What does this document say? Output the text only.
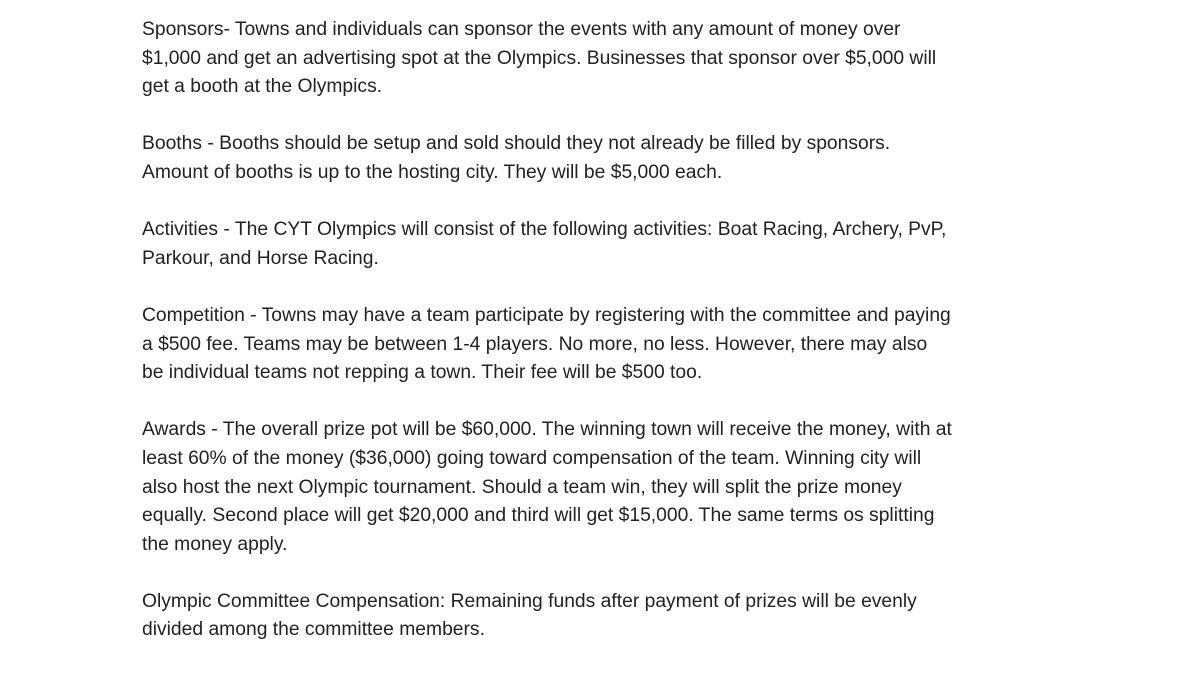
Sponsors- Towns and individuals can sponsor the events with any amount of money over
$1,000 and get an advertising spot at the Olympics. Businesses that sponsor over $5,000 will
get a booth at the Olympics.

Booths - Booths should be setup and sold should they not already be filled by sponsors.
Amount of booths is up to the hosting city. They will be $5,000 each.

Activities - The CYT Olympics will consist of the following activities: Boat Racing, Archery, PvP,
Parkour, and Horse Racing.

Competition - Towns may have a team participate by registering with the committee and paying
a $500 fee. Teams may be between 1-4 players. No more, no less. However, there may also
be individual teams not repping a town. Their fee will be $500 too.

Awards - The overall prize pot will be $60,000. The winning town will receive the money, with at
least 60% of the money ($36,000) going toward compensation of the team. Winning city will
also host the next Olympic tournament. Should a team win, they will split the prize money
equally. Second place will get $20,000 and third will get $15,000. The same terms os splitting
the money apply.

Olympic Committee Compensation: Remaining funds after payment of prizes will be evenly
divided among the committee members.
